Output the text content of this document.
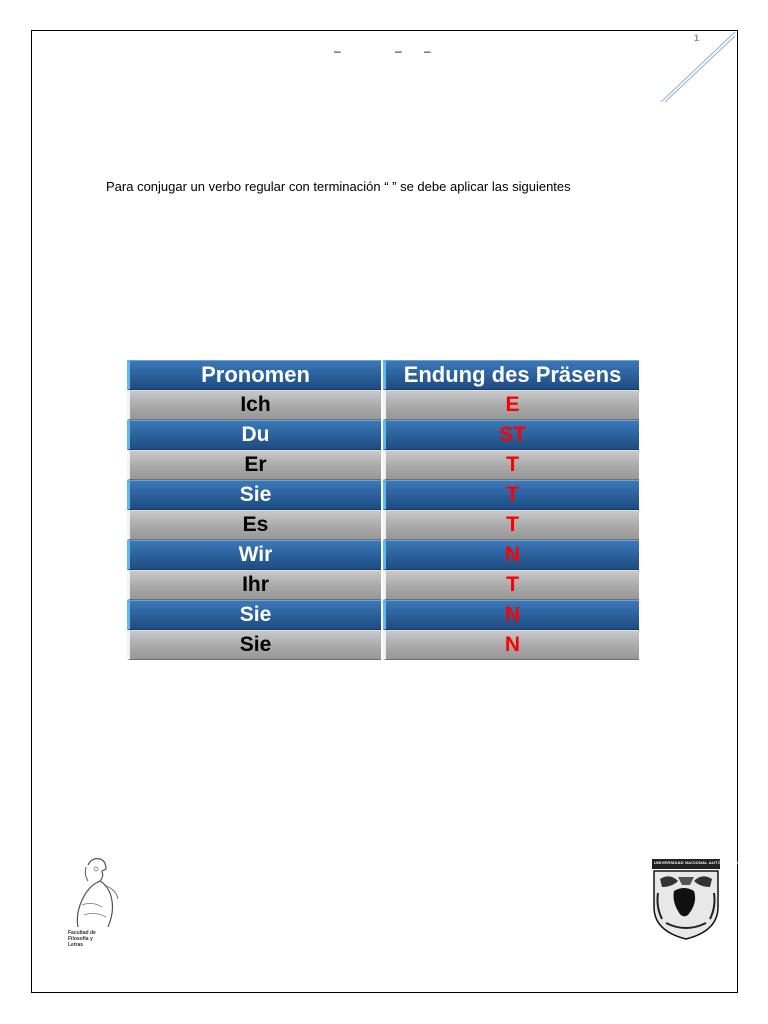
1
–	– –
Para conjugar un verbo regular con terminación “ ” se debe aplicar las siguientes
Pronomen	Endung des Präsens
Ich	E
Du	ST
Er	T
Sie	T
Es	T
Wir	N
Ihr	T
Sie	N
Sie	N
Facultad de
Filosofía y
Letras
UNIVERSIDAD NACIONAL AUTÓNOMA DE MÉXICO
